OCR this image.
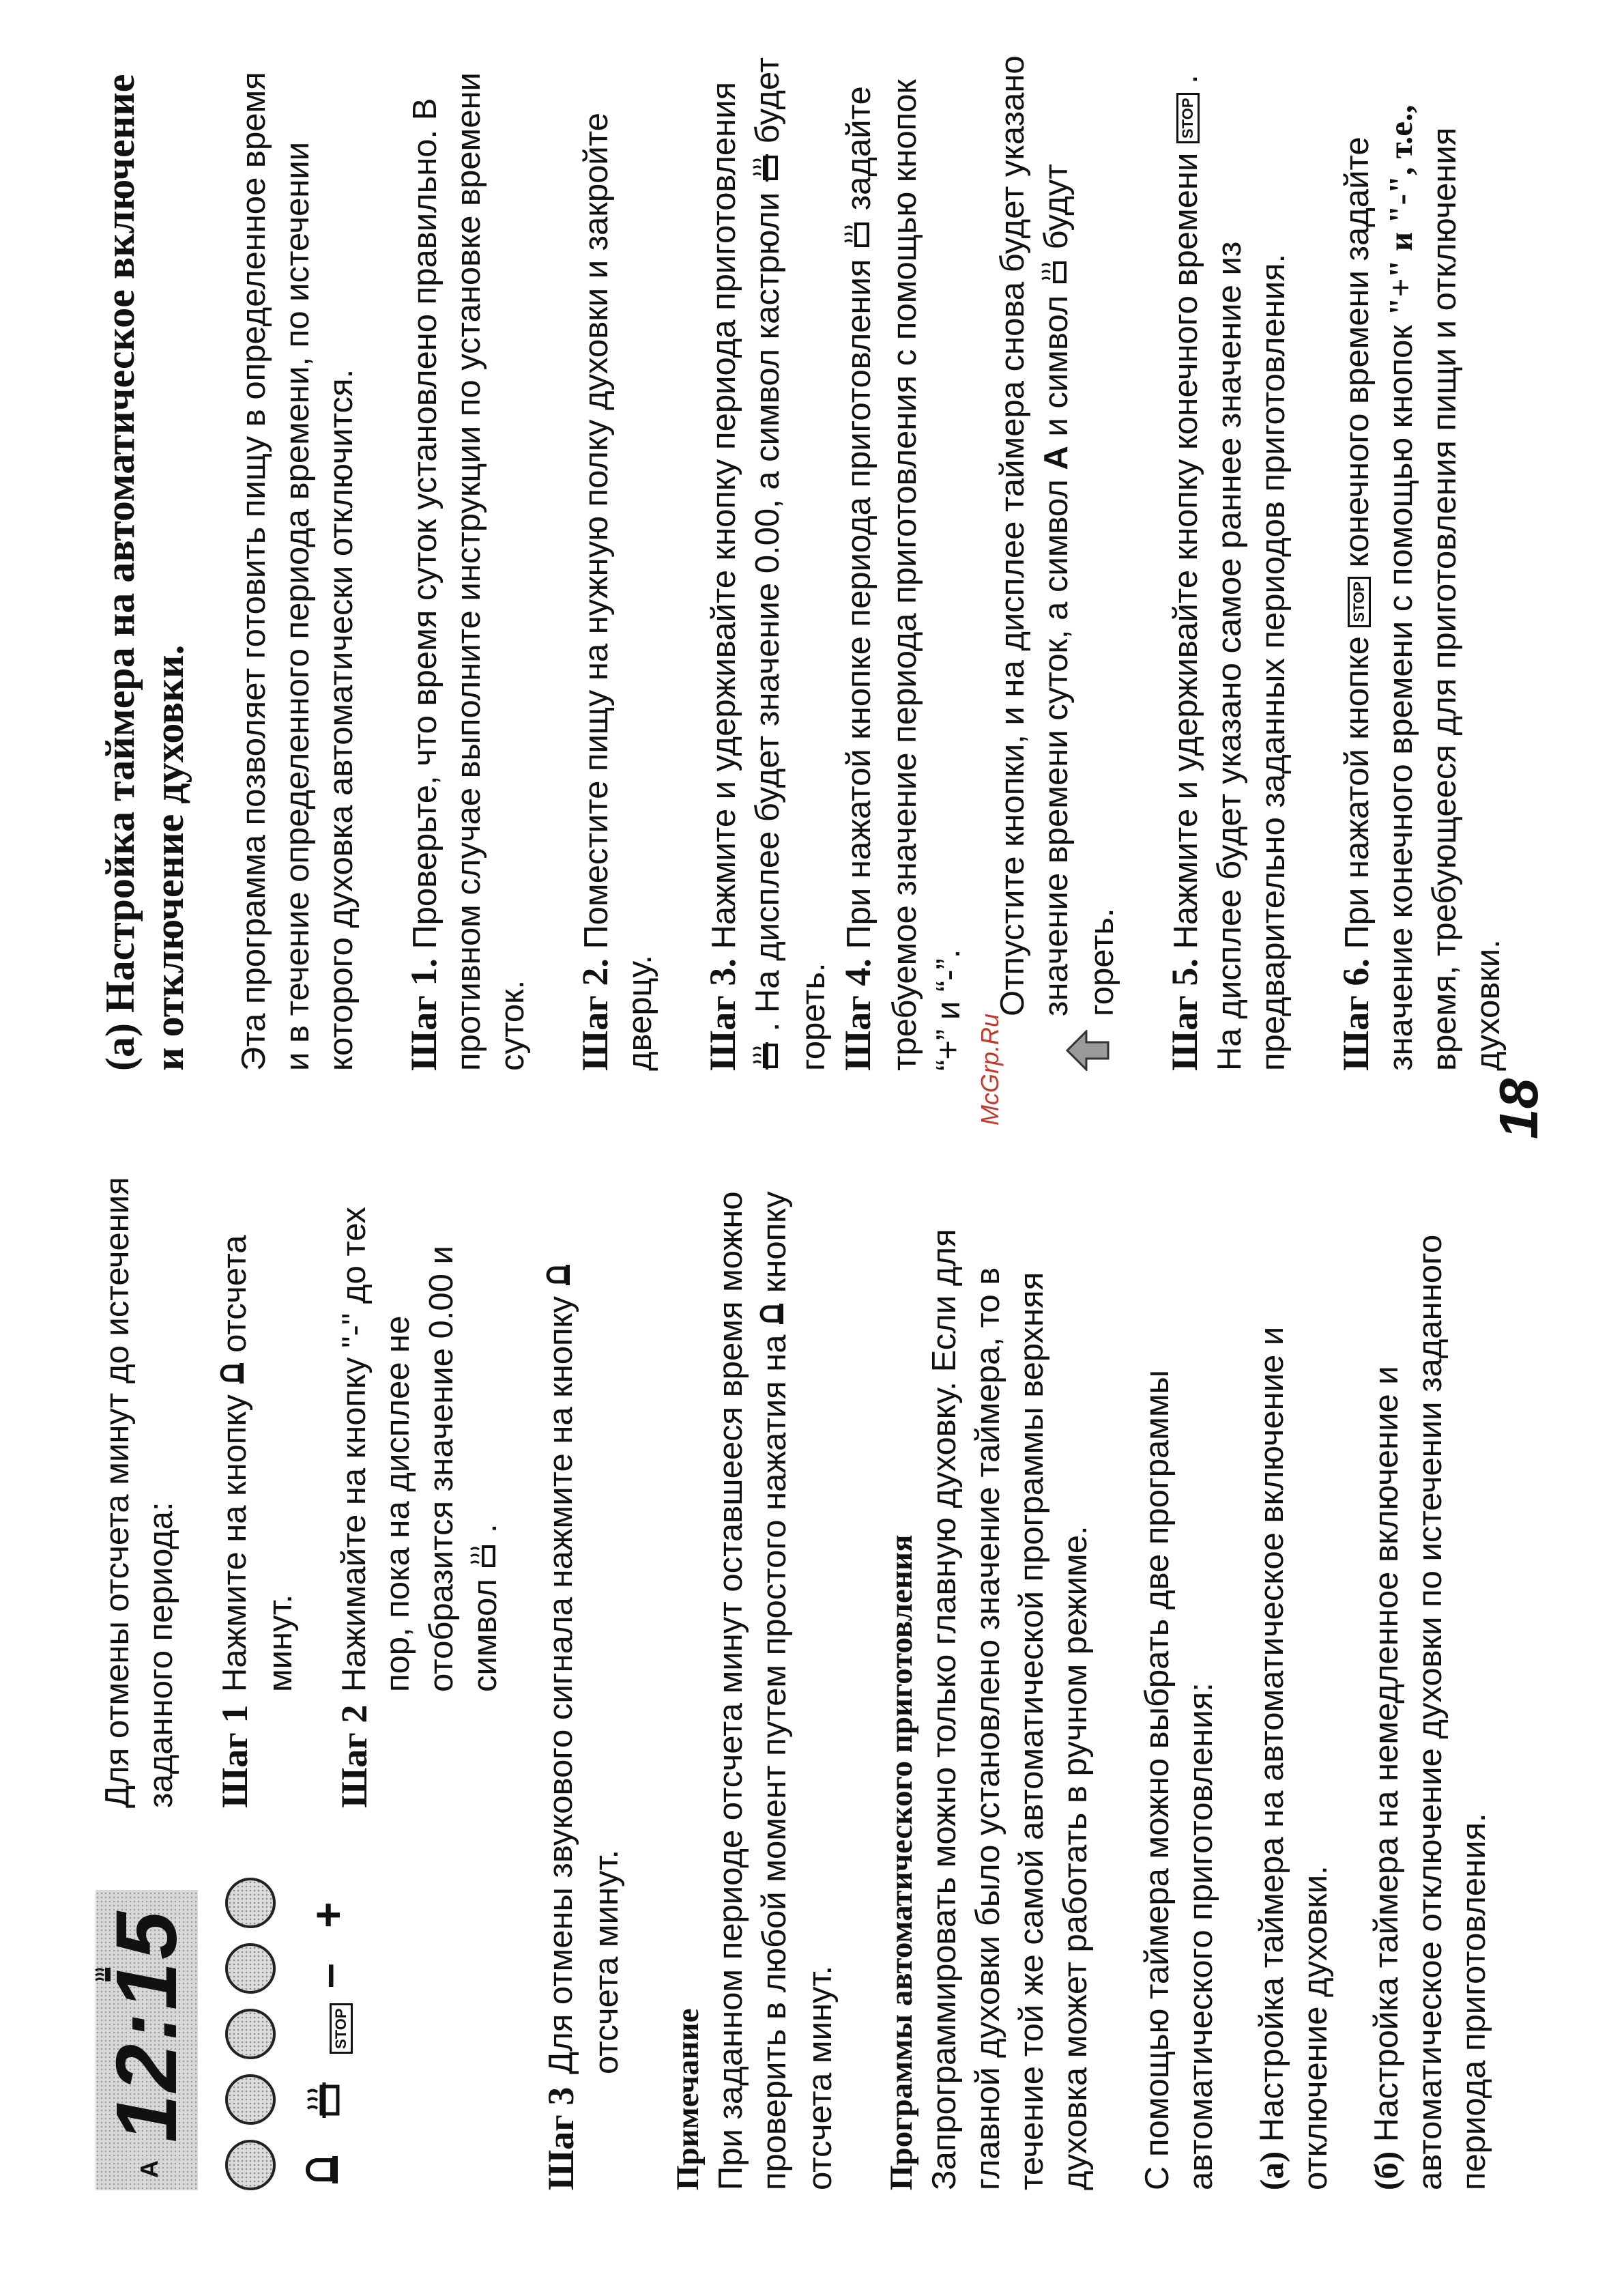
A
12:15	STOP
–
+

Для отмены отсчета минут до истечения заданного периода: Шаг 1
Нажмите на кнопку  отсчета минут.
Шаг 2
Нажимайте на кнопку "-" до тех пор, пока на дисплее не отобразится значение 0.00 и символ  .
Шаг 3
Для отмены звукового сигнала нажмите на кнопку отсчета минут.
Примечание При заданном периоде отсчета минут оставшееся время можно проверить в любой момент путем простого нажатия на  кнопку отсчета минут. Программы автоматического приготовления Запрограммировать можно только главную духовку. Если для главной духовки было установлено значение таймера, то в течение той же самой автоматической программы верхняя духовка может работать в ручном режиме. С помощью таймера можно выбрать две программы автоматического приготовления: (а) Настройка таймера на автоматическое включение и отключение духовки. (б) Настройка таймера на немедленное включение и автоматическое отключение духовки по истечении заданного периода приготовления.

McGrp.Ru	18
(а) Настройка таймера на автоматическое включение и отключение духовки. Эта программа позволяет готовить пищу в определенное время и в течение определенного периода времени, по истечении которого духовка автоматически отключится. Шаг 1. Проверьте, что время суток установлено правильно. В противном случае выполните инструкции по установке времени суток. Шаг 2. Поместите пищу на нужную полку духовки и закройте дверцу. Шаг 3. Нажмите и удерживайте кнопку периода приготовления . На дисплее будет значение 0.00, а символ кастрюли  будет гореть. Шаг 4. При нажатой кнопке периода приготовления  задайте требуемое значение периода приготовления с помощью кнопок “+” и “-”. Отпустите кнопки, и на дисплее таймера снова будет указано значение времени суток, а символ A и символ  будут гореть. Шаг 5. Нажмите и удерживайте кнопку конечного времени STOP . На дисплее будет указано самое раннее значение из предварительно заданных периодов приготовления. Шаг 6. При нажатой кнопке STOP конечного времени задайте значение конечного времени с помощью кнопок "+" и "-", т.е., время, требующееся для приготовления пищи и отключения духовки.
